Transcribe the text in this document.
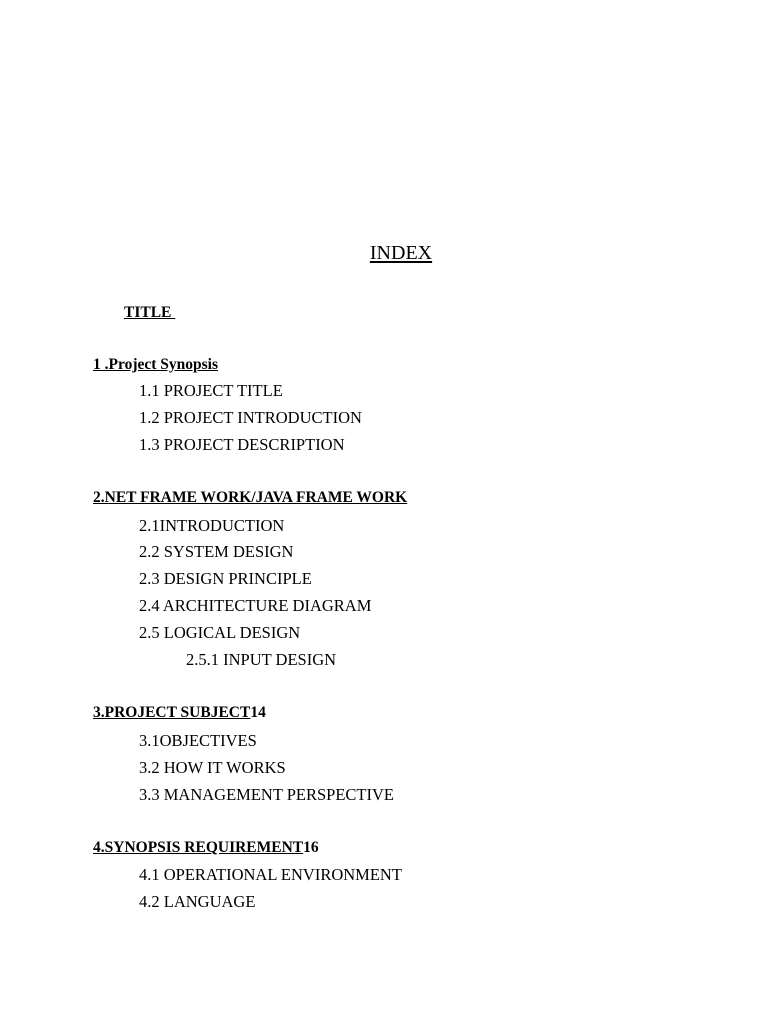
INDEX
TITLE
1 .Project Synopsis
1.1 PROJECT TITLE
1.2 PROJECT INTRODUCTION
1.3 PROJECT DESCRIPTION
2.NET FRAME WORK/JAVA FRAME WORK
2.1INTRODUCTION
2.2 SYSTEM DESIGN
2.3 DESIGN PRINCIPLE
2.4 ARCHITECTURE DIAGRAM
2.5 LOGICAL DESIGN
2.5.1 INPUT DESIGN
3.PROJECT SUBJECT14
3.1OBJECTIVES
3.2 HOW IT WORKS
3.3 MANAGEMENT PERSPECTIVE
4.SYNOPSIS REQUIREMENT16
4.1 OPERATIONAL ENVIRONMENT
4.2 LANGUAGE
